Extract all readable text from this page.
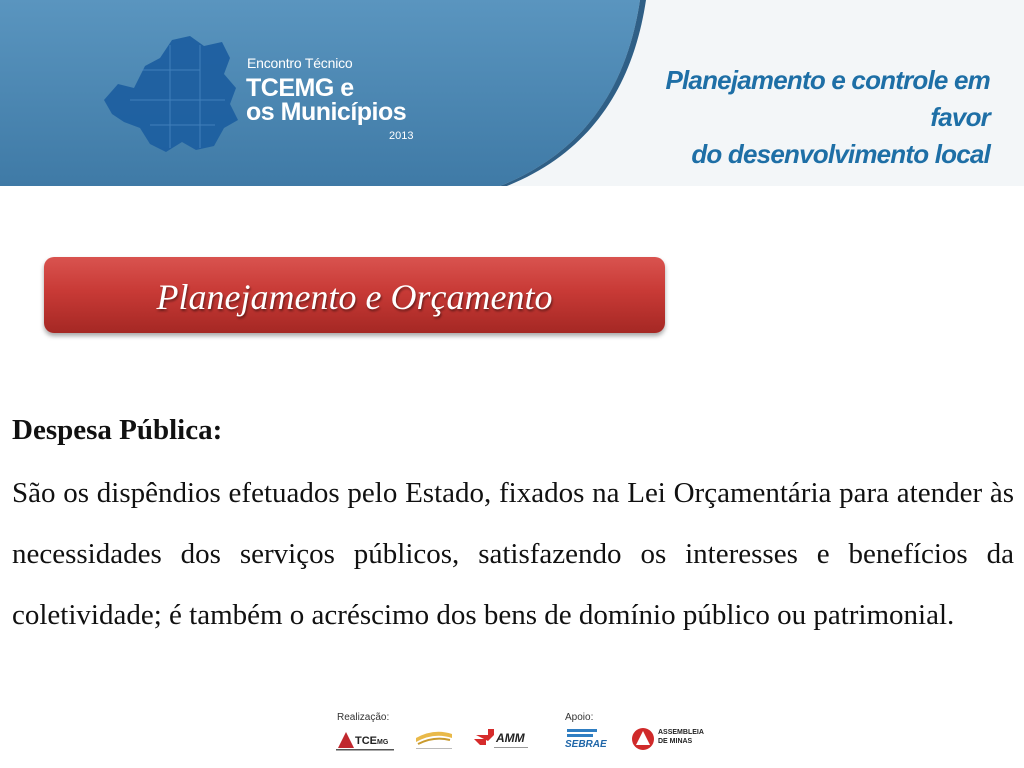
Encontro Técnico
TCEMG e
os Municípios
2013
Planejamento e controle em favor
do desenvolvimento local
Planejamento e Orçamento
Despesa Pública:
São os dispêndios efetuados pelo Estado, fixados na Lei Orçamentária para atender às necessidades dos serviços públicos, satisfazendo os interesses e benefícios da coletividade; é também o acréscimo dos bens de domínio público ou patrimonial.
Realização:	Apoio:
TCEMG	AMM	SEBRAE
ASSEMBLEIA
DE MINAS
